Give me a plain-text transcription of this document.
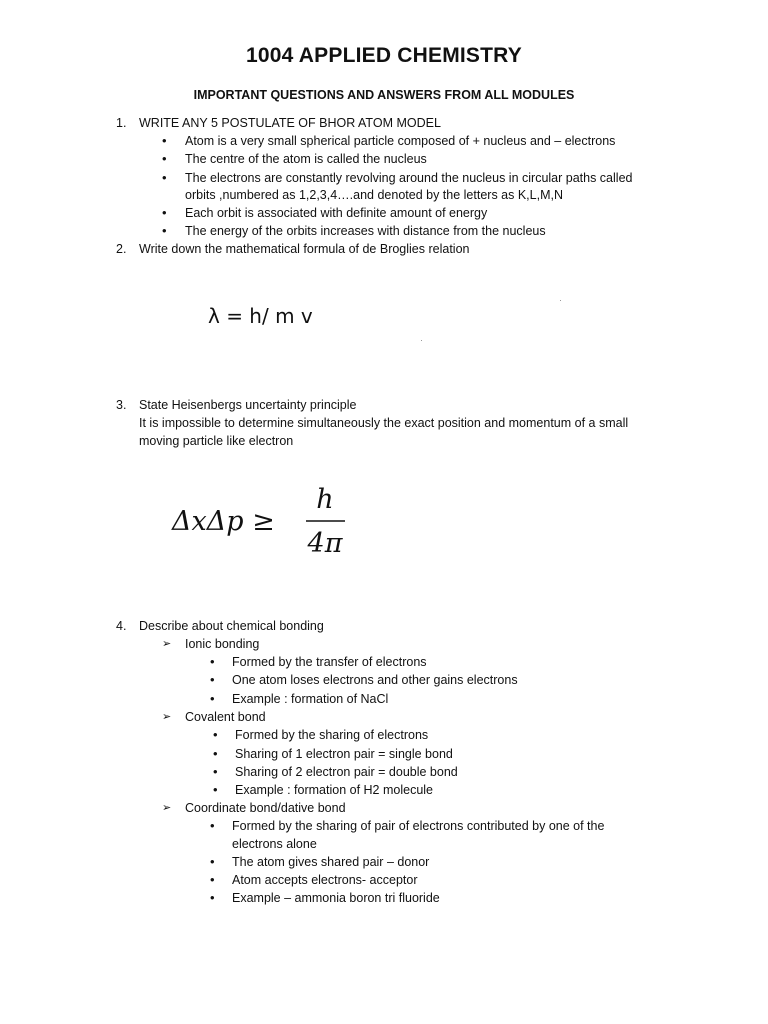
1004 APPLIED CHEMISTRY
IMPORTANT QUESTIONS AND ANSWERS FROM ALL MODULES
1. WRITE ANY 5 POSTULATE OF BHOR ATOM MODEL
• Atom is a very small spherical particle composed of + nucleus and – electrons
• The centre of the atom is called the nucleus
• The electrons are constantly revolving around the nucleus in circular paths called
orbits ,numbered as 1,2,3,4….and denoted by the letters as K,L,M,N
• Each orbit is associated with definite amount of energy
• The energy of the orbits increases with distance from the nucleus
2. Write down the mathematical formula of de Broglies relation
λ = h/ m v
3. State Heisenbergs uncertainty principle
It is impossible to determine simultaneously the exact position and momentum of a small
moving particle like electron
ΔxΔp ≥
h
4π
4. Describe about chemical bonding
➢ Ionic bonding
• Formed by the transfer of electrons
• One atom loses electrons and other gains electrons
• Example : formation of NaCl
➢ Covalent bond
• Formed by the sharing of electrons
• Sharing of 1 electron pair = single bond
• Sharing of 2 electron pair = double bond
• Example : formation of H2 molecule
➢ Coordinate bond/dative bond
• Formed by the sharing of pair of electrons contributed by one of the
electrons alone
• The atom gives shared pair – donor
• Atom accepts electrons- acceptor
• Example – ammonia boron tri fluoride
